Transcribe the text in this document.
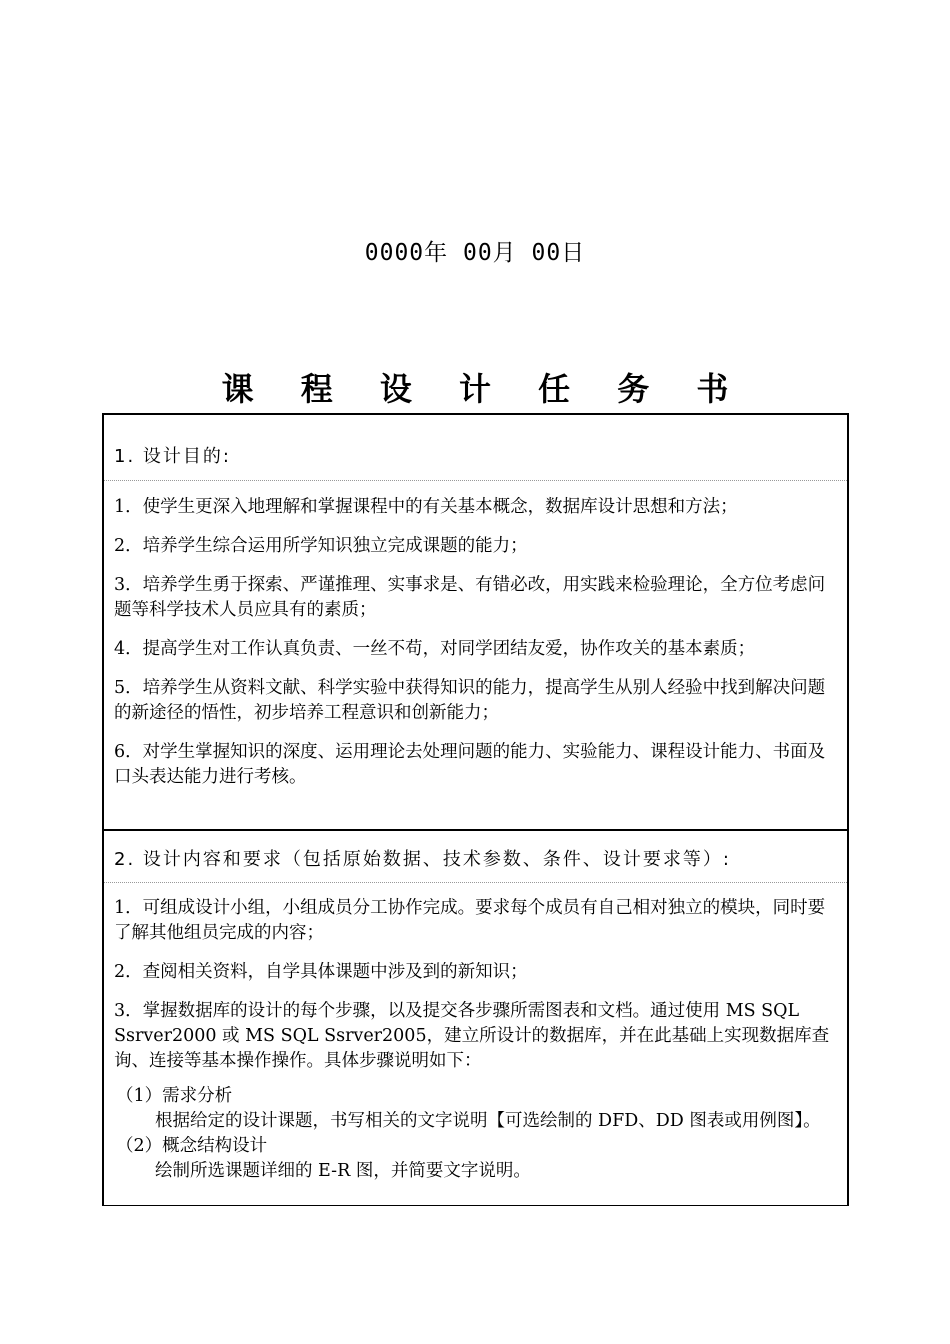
0000年 00月 00日
课 程 设 计 任 务 书
1. 设计目的:

1．使学生更深入地理解和掌握课程中的有关基本概念，数据库设计思想和方法；

2．培养学生综合运用所学知识独立完成课题的能力；

3．培养学生勇于探索、严谨推理、实事求是、有错必改，用实践来检验理论，全方位考虑问题等科学技术人员应具有的素质；

4．提高学生对工作认真负责、一丝不苟，对同学团结友爱，协作攻关的基本素质；

5．培养学生从资料文献、科学实验中获得知识的能力，提高学生从别人经验中找到解决问题的新途径的悟性，初步培养工程意识和创新能力；

6．对学生掌握知识的深度、运用理论去处理问题的能力、实验能力、课程设计能力、书面及口头表达能力进行考核。

2. 设计内容和要求（包括原始数据、技术参数、条件、设计要求等）:

1．可组成设计小组，小组成员分工协作完成。要求每个成员有自己相对独立的模块，同时要了解其他组员完成的内容；

2．查阅相关资料，自学具体课题中涉及到的新知识；

3．掌握数据库的设计的每个步骤，以及提交各步骤所需图表和文档。通过使用 MS SQL Ssrver2000 或 MS SQL Ssrver2005，建立所设计的数据库，并在此基础上实现数据库查询、连接等基本操作操作。具体步骤说明如下：

（1）需求分析

根据给定的设计课题，书写相关的文字说明【可选绘制的 DFD、DD 图表或用例图】。

（2）概念结构设计

绘制所选课题详细的 E-R 图，并简要文字说明。
